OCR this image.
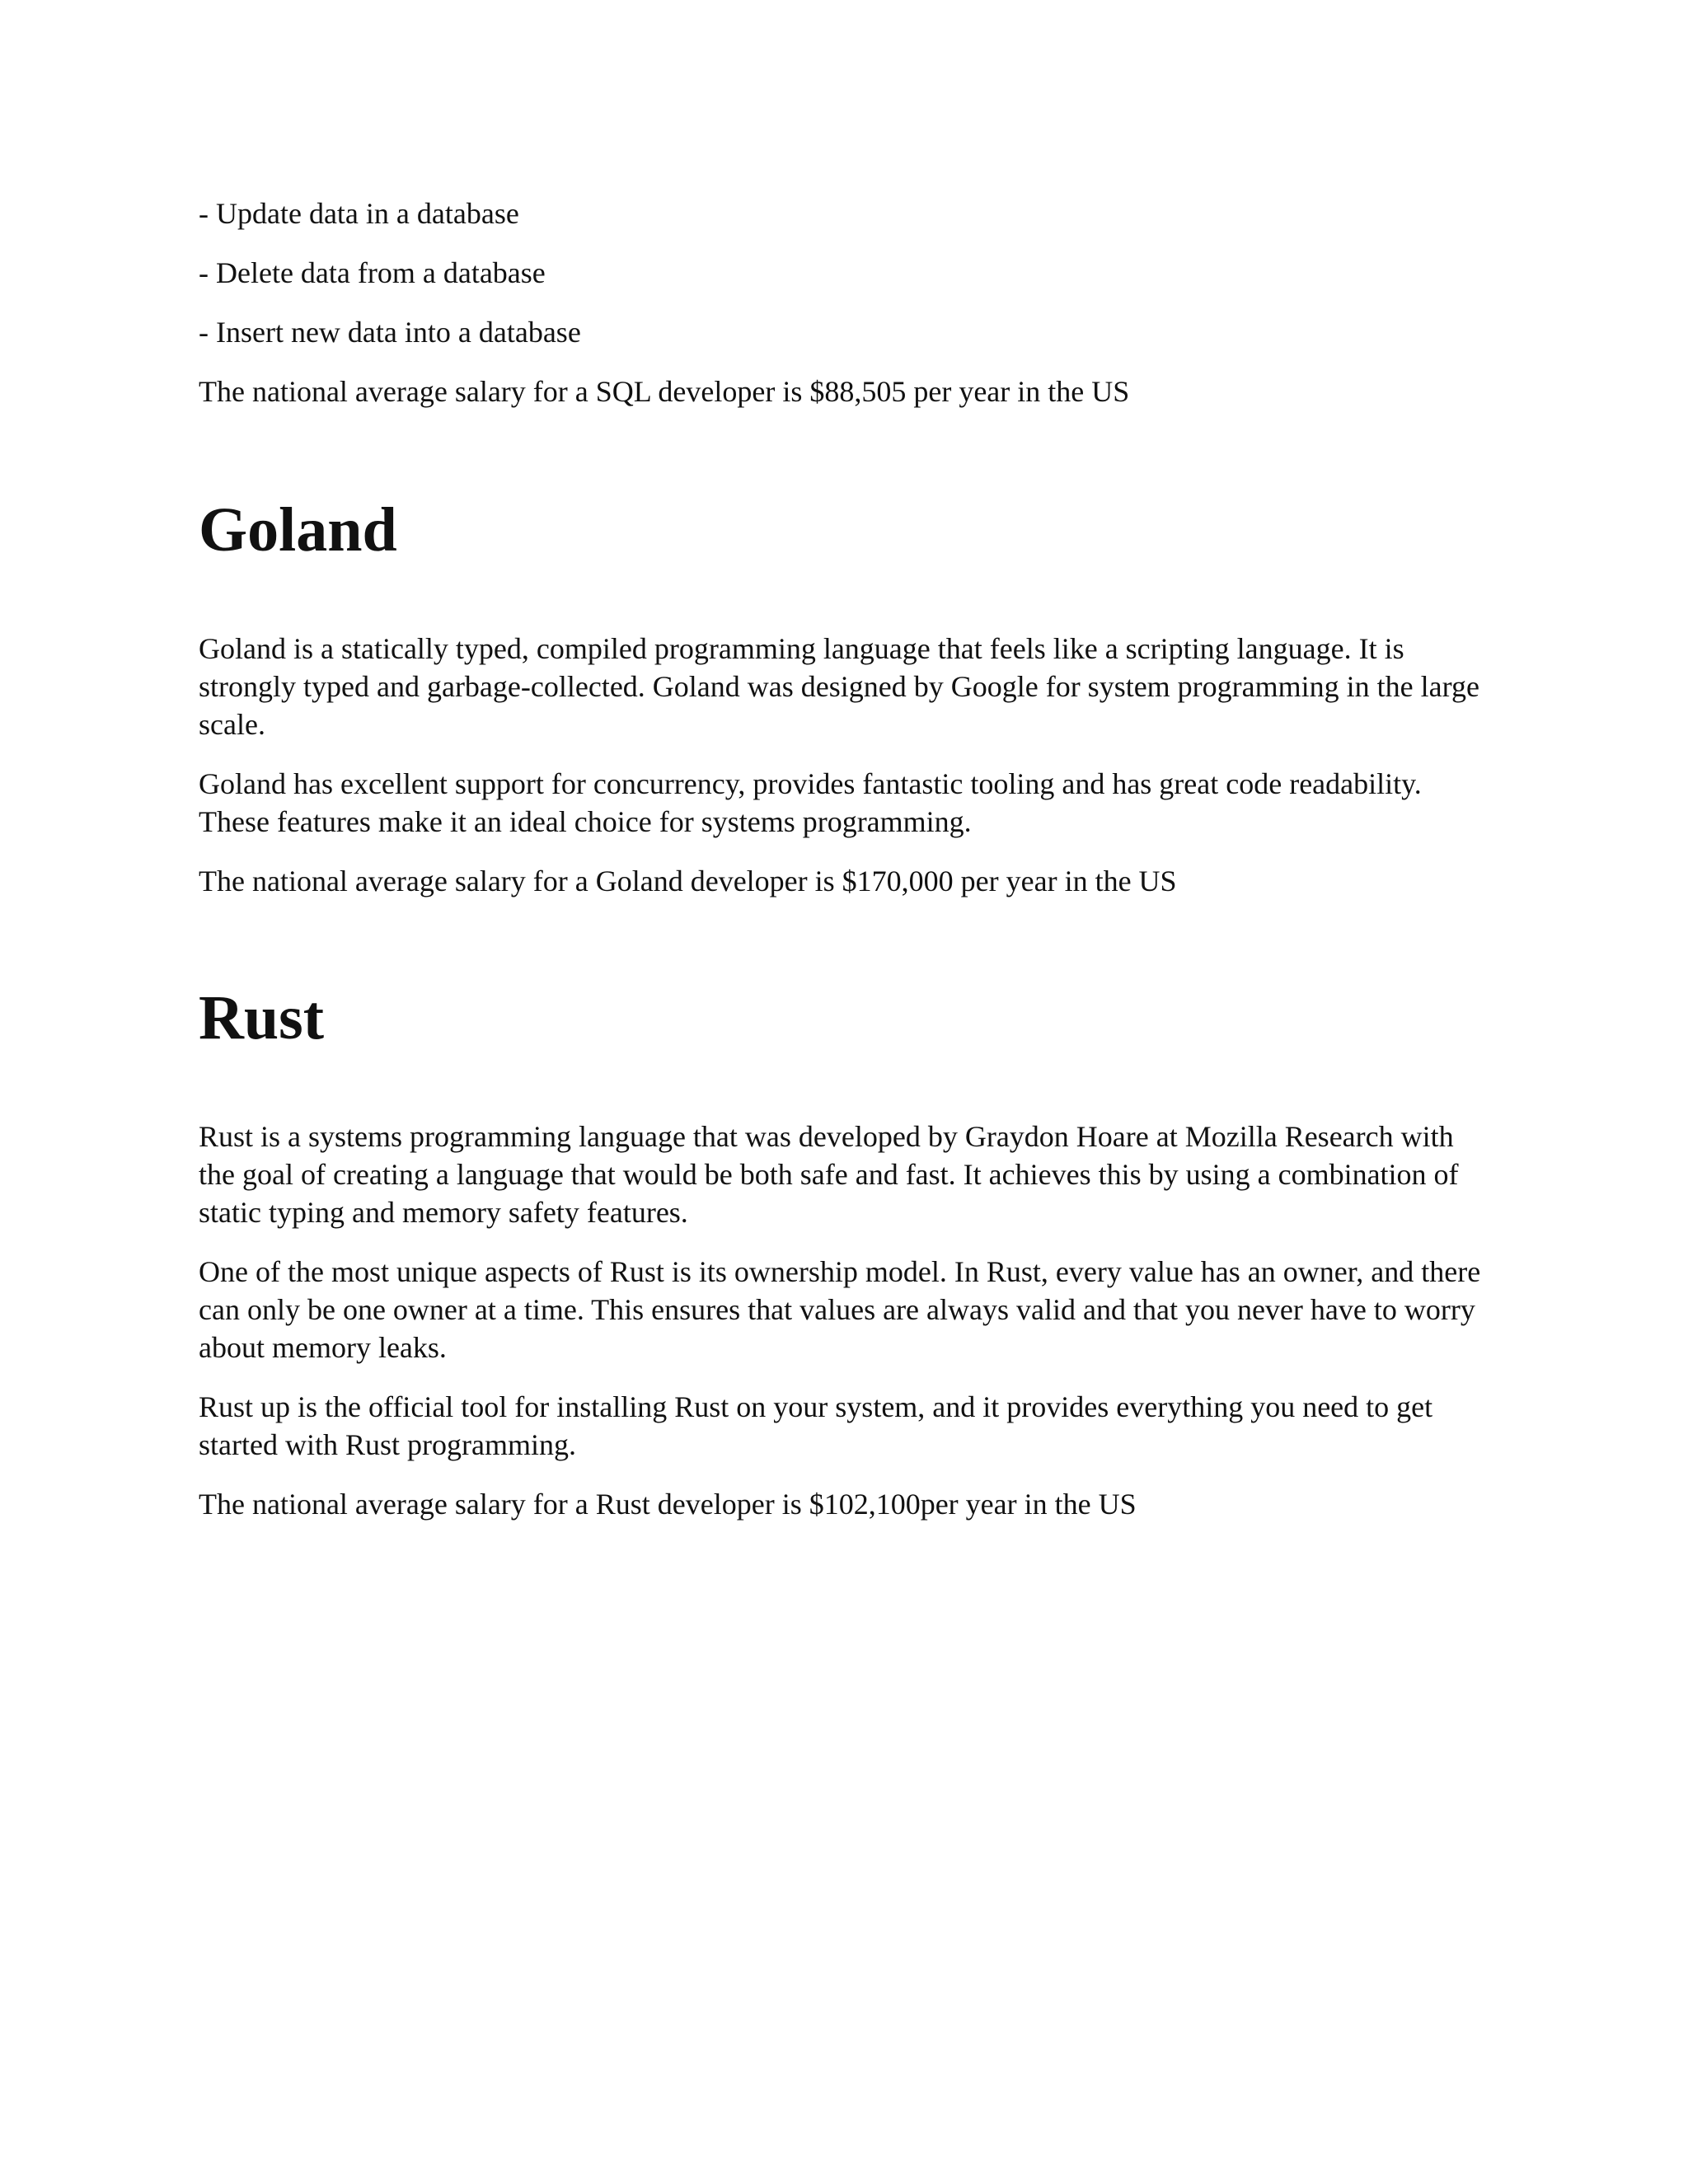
- Update data in a database
- Delete data from a database
- Insert new data into a database
The national average salary for a SQL developer is $88,505 per year in the US
Goland

Goland is a statically typed, compiled programming language that feels like a scripting language. It is strongly typed and garbage-collected. Goland was designed by Google for system programming in the large scale.

Goland has excellent support for concurrency, provides fantastic tooling and has great code readability. These features make it an ideal choice for systems programming.

The national average salary for a Goland developer is $170,000 per year in the US
Rust

Rust is a systems programming language that was developed by Graydon Hoare at Mozilla Research with the goal of creating a language that would be both safe and fast. It achieves this by using a combination of static typing and memory safety features.

One of the most unique aspects of Rust is its ownership model. In Rust, every value has an owner, and there can only be one owner at a time. This ensures that values are always valid and that you never have to worry about memory leaks.

Rust up is the official tool for installing Rust on your system, and it provides everything you need to get started with Rust programming.

The national average salary for a Rust developer is $102,100per year in the US
